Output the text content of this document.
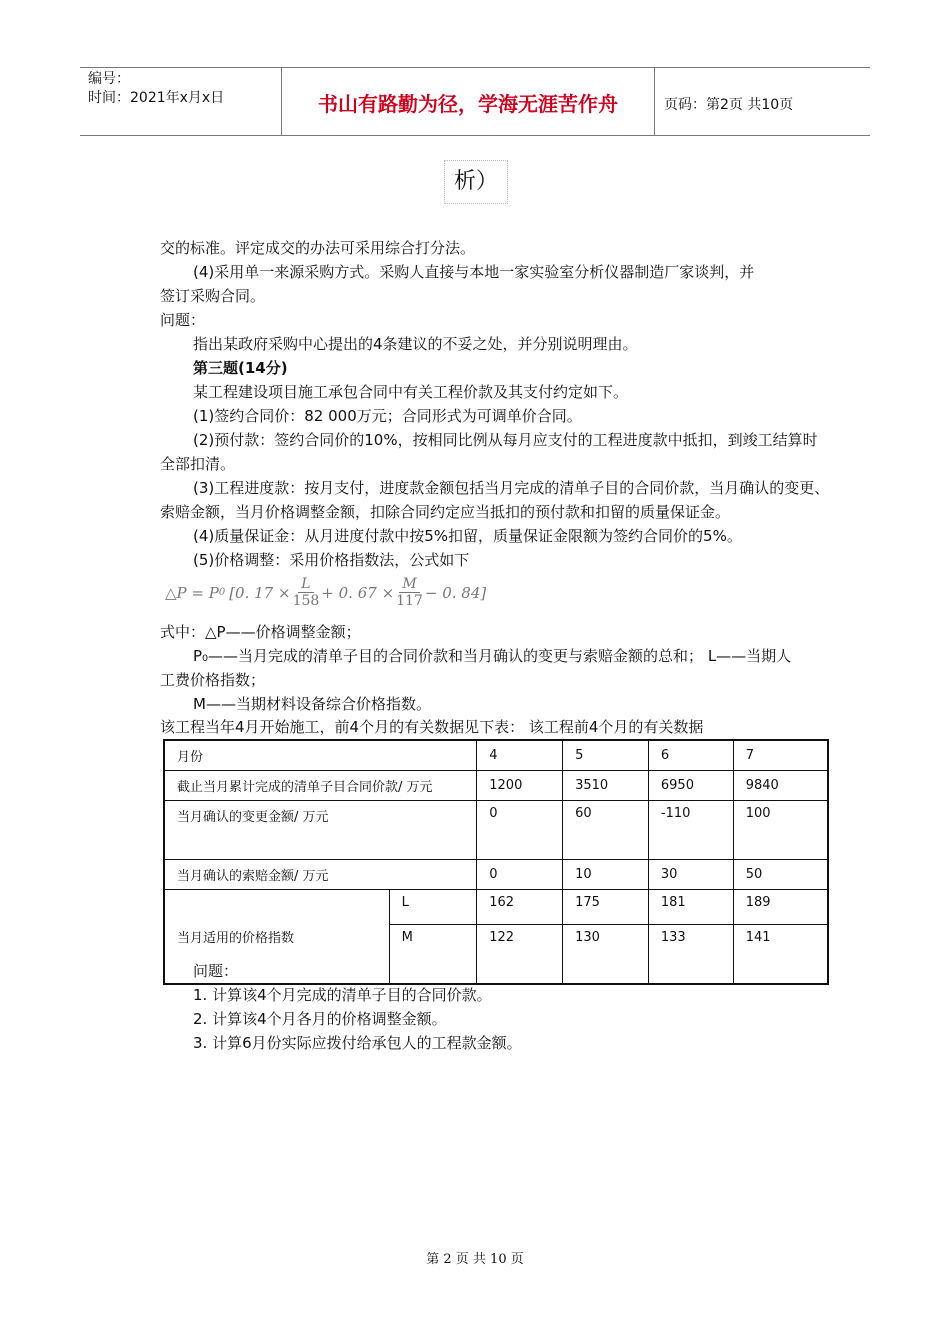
编号：
时间：2021年x月x日	书山有路勤为径，学海无涯苦作舟	页码：第2页 共10页
析）
交的标准。评定成交的办法可采用综合打分法。
(4)采用单一来源采购方式。采购人直接与本地一家实验室分析仪器制造厂家谈判，并
签订采购合同。
问题：
指出某政府采购中心提出的4条建议的不妥之处，并分别说明理由。
第三题(14分)
某工程建设项目施工承包合同中有关工程价款及其支付约定如下。
(1)签约合同价：82 000万元；合同形式为可调单价合同。
(2)预付款：签约合同价的10%，按相同比例从每月应支付的工程进度款中抵扣，到竣工结算时
全部扣清。
(3)工程进度款：按月支付，进度款金额包括当月完成的清单子目的合同价款，当月确认的变更、
索赔金额，当月价格调整金额，扣除合同约定应当抵扣的预付款和扣留的质量保证金。
(4)质量保证金：从月进度付款中按5%扣留，质量保证金限额为签约合同价的5%。
(5)价格调整：采用价格指数法，公式如下
△P = P 0 [0. $17 \times \frac{L}{158} + 0$. $67 \times \frac{M}{117} - 0$. 84]
式中：△P——价格调整金额；
P₀——当月完成的清单子目的合同价款和当月确认的变更与索赔金额的总和； L——当期人
工费价格指数；
M——当期材料设备综合价格指数。
该工程当年4月开始施工，前4个月的有关数据见下表： 该工程前4个月的有关数据
月份		4	5	6	7
截止当月累计完成的清单子目合同价款/ 万元		1200	3510	6950	9840
当月确认的变更金额/ 万元		0	60	-110	100
当月确认的索赔金额/ 万元		0	10	30	50
当月适用的价格指数	L	162	175	181	189
	M	122	130	133	141
问题：
1. 计算该4个月完成的清单子目的合同价款。
2. 计算该4个月各月的价格调整金额。
3. 计算6月份实际应拨付给承包人的工程款金额。
第 2 页 共 10 页
